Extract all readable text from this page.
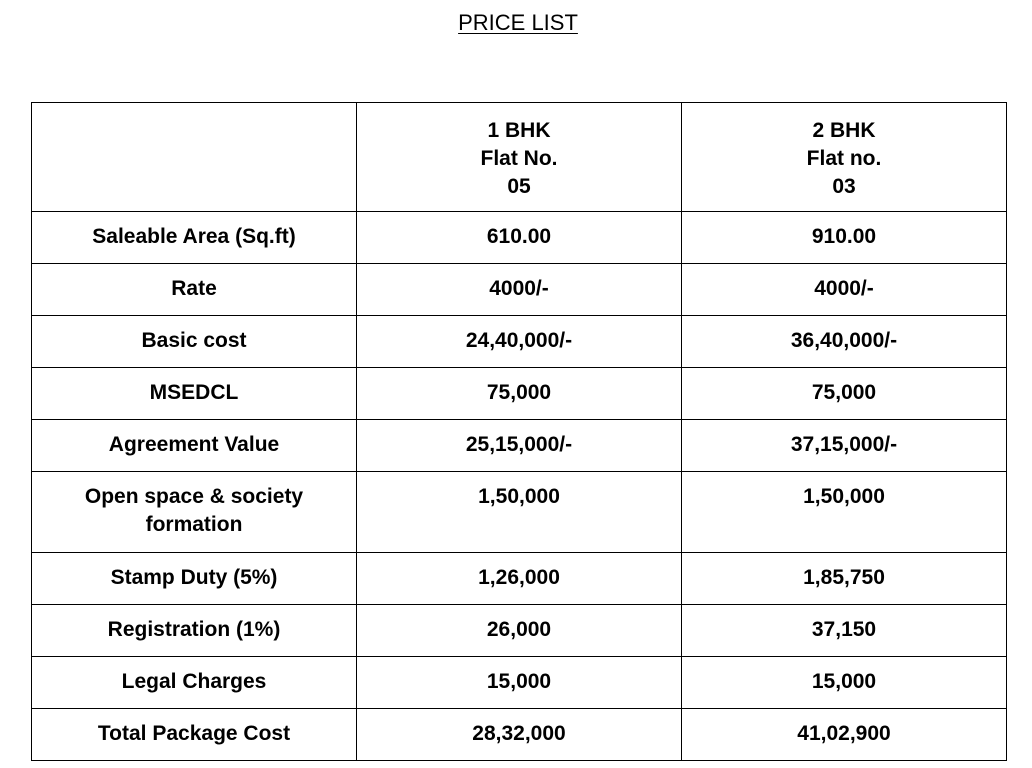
PRICE LIST

	1 BHK
Flat No.
05	2 BHK
Flat no.
03

Saleable Area (Sq.ft)	610.00	910.00
Rate	4000/-	4000/-
Basic cost	24,40,000/-	36,40,000/-
MSEDCL	75,000	75,000
Agreement Value	25,15,000/-	37,15,000/-
Open space & society formation	1,50,000	1,50,000
Stamp Duty (5%)	1,26,000	1,85,750
Registration (1%)	26,000	37,150
Legal Charges	15,000	15,000
Total Package Cost	28,32,000	41,02,900
